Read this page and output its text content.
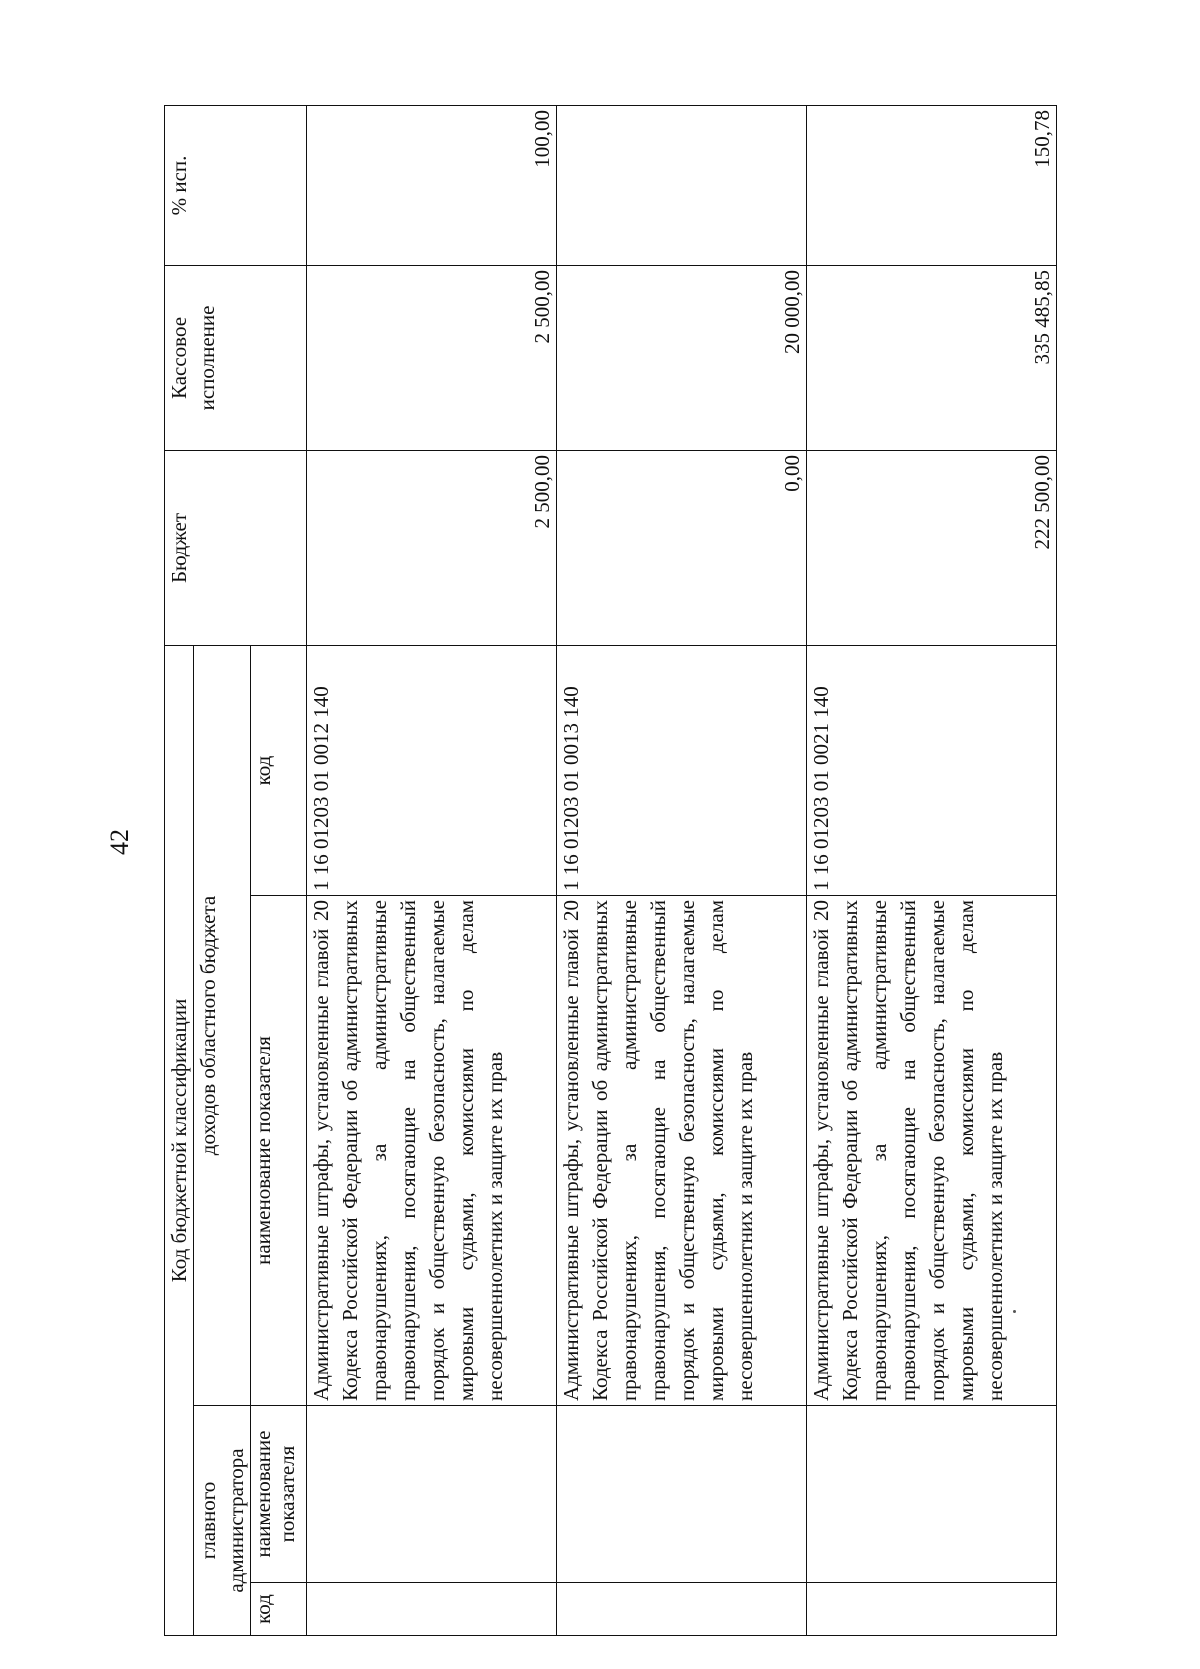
42
Код бюджетной классификации				Бюджет	Кассовое исполнение	% исп.
главного администратора		доходов областного бюджета				
код	наименование показателя	наименование показателя	код			
		Административные штрафы, установленные главой 20 Кодекса Российской Федерации об административных правонарушениях, за административные правонарушения, посягающие на общественный порядок и общественную безопасность, налагаемые мировыми судьями, комиссиями по делам несовершеннолетних и защите их прав	1 16 01203 01 0012 140	2 500,00	2 500,00	100,00
		Административные штрафы, установленные главой 20 Кодекса Российской Федерации об административных правонарушениях, за административные правонарушения, посягающие на общественный порядок и общественную безопасность, налагаемые мировыми судьями, комиссиями по делам несовершеннолетних и защите их прав	1 16 01203 01 0013 140	0,00	20 000,00	
		Административные штрафы, установленные главой 20 Кодекса Российской Федерации об административных правонарушениях, за административные правонарушения, посягающие на общественный порядок и общественную безопасность, налагаемые мировыми судьями, комиссиями по делам несовершеннолетних и защите их прав	1 16 01203 01 0021 140	222 500,00	335 485,85	150,78
